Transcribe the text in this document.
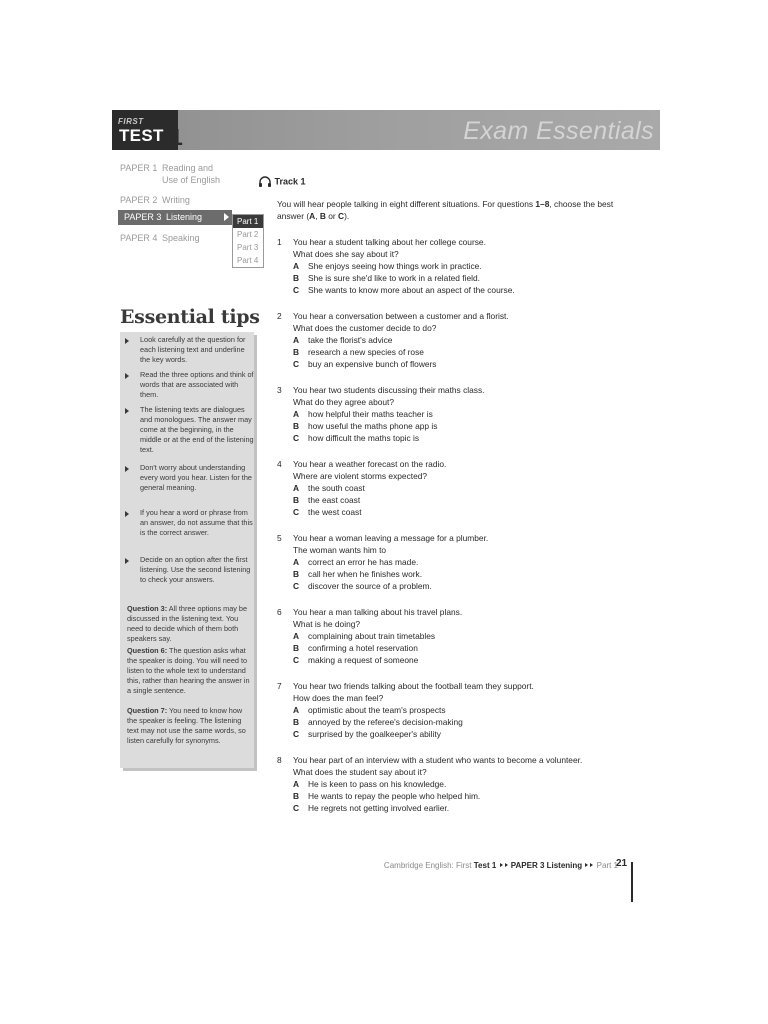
FIRST
TEST 1	Exam Essentials
PAPER 1 Reading and
Use of English
PAPER 2 Writing
PAPER 4 Speaking
PAPER 3 Listening	Part 1
Part 2
Part 3
Part 4
Track 1
You will hear people talking in eight different situations. For questions 1–8, choose the best answer (A, B or C).
Essential tips
Look carefully at the question for each listening text and underline the key words.
Read the three options and think of words that are associated with them.
The listening texts are dialogues and monologues. The answer may come at the beginning, in the middle or at the end of the listening text.
Don't worry about understanding every word you hear. Listen for the general meaning.
If you hear a word or phrase from an answer, do not assume that this is the correct answer.
Decide on an option after the first listening. Use the second listening to check your answers.
Question 3: All three options may be discussed in the listening text. You need to decide which of them both speakers say.
Question 6: The question asks what the speaker is doing. You will need to listen to the whole text to understand this, rather than hearing the answer in a single sentence.
Question 7: You need to know how the speaker is feeling. The listening text may not use the same words, so listen carefully for synonyms.
1	You hear a student talking about her college course.
What does she say about it?
A She enjoys seeing how things work in practice.
B She is sure she'd like to work in a related field.
C She wants to know more about an aspect of the course.
2	You hear a conversation between a customer and a florist.
What does the customer decide to do?
A take the florist's advice
B research a new species of rose
C buy an expensive bunch of flowers
3	You hear two students discussing their maths class.
What do they agree about?
A how helpful their maths teacher is
B how useful the maths phone app is
C how difficult the maths topic is
4	You hear a weather forecast on the radio.
Where are violent storms expected?
A the south coast
B the east coast
C the west coast
5	You hear a woman leaving a message for a plumber.
The woman wants him to
A correct an error he has made.
B call her when he finishes work.
C discover the source of a problem.
6	You hear a man talking about his travel plans.
What is he doing?
A complaining about train timetables
B confirming a hotel reservation
C making a request of someone
7	You hear two friends talking about the football team they support.
How does the man feel?
A optimistic about the team's prospects
B annoyed by the referee's decision-making
C surprised by the goalkeeper's ability
8	You hear part of an interview with a student who wants to become a volunteer.
What does the student say about it?
A He is keen to pass on his knowledge.
B He wants to repay the people who helped him.
C He regrets not getting involved earlier.
Cambridge English: First Test 1 PAPER 3 Listening Part 1
21
